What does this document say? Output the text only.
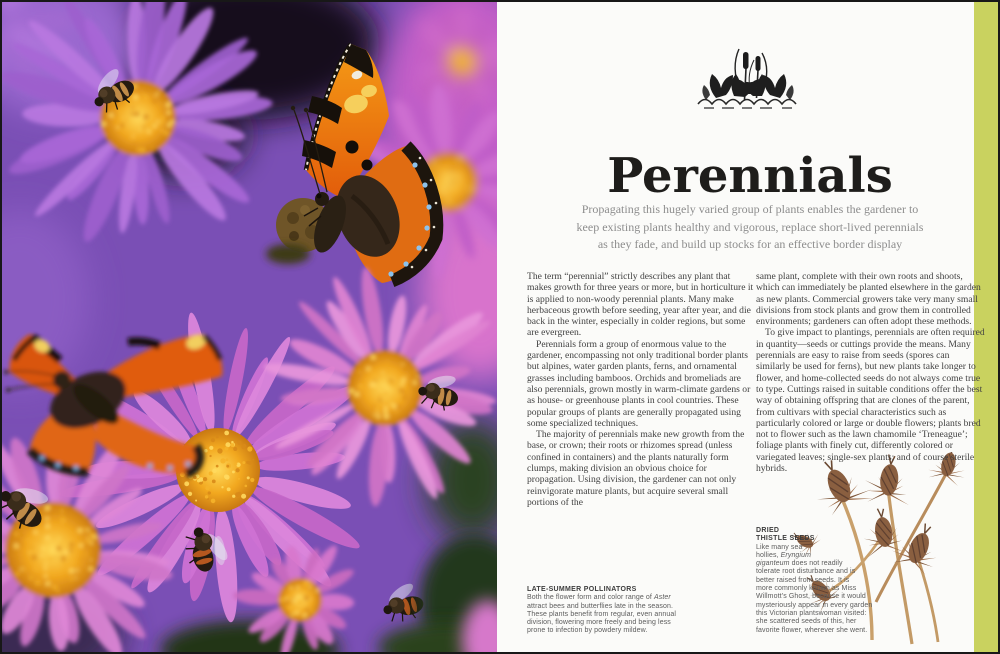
Perennials
Propagating this hugely varied group of plants enables the gardener to
keep existing plants healthy and vigorous, replace short-lived perennials
as they fade, and build up stocks for an effective border display

The term “perennial” strictly describes any plant that makes growth for three years or more, but in horticulture it is applied to non-woody perennial plants. Many make herbaceous growth before seeding, year after year, and die back in the winter, especially in colder regions, but some are evergreen.

Perennials form a group of enormous value to the gardener, encompassing not only traditional border plants but alpines, water garden plants, ferns, and ornamental grasses including bamboos. Orchids and bromeliads are also perennials, grown mostly in warm-climate gardens or as house- or greenhouse plants in cool countries. These popular groups of plants are generally propagated using some specialized techniques.

The majority of perennials make new growth from the base, or crown; their roots or rhizomes spread (unless confined in containers) and the plants naturally form clumps, making division an obvious choice for propagation. Using division, the gardener can not only reinvigorate mature plants, but acquire several small portions of the

same plant, complete with their own roots and shoots, which can immediately be planted elsewhere in the garden as new plants. Commercial growers take very many small divisions from stock plants and grow them in controlled environments; gardeners can often adopt these methods.

To give impact to plantings, perennials are often required in quantity—seeds or cuttings provide the means. Many perennials are easy to raise from seeds (spores can similarly be used for ferns), but new plants take longer to flower, and home-collected seeds do not always come true to type. Cuttings raised in suitable conditions offer the best way of obtaining offspring that are clones of the parent, from cultivars with special characteristics such as particularly colored or large or double flowers; plants bred not to flower such as the lawn chamomile ‘Treneague’; foliage plants with finely cut, differently colored or variegated leaves; single-sex plants; and of course sterile hybrids.

LATE-SUMMER POLLINATORS
Both the flower form and color range of Aster
attract bees and butterflies late in the season.
These plants benefit from regular, even annual
division, flowering more freely and being less
prone to infection by powdery mildew.
DRIED
THISTLE SEEDS
Like many sea
hollies, Eryngium
giganteum does not readily
tolerate root disturbance and is
better raised from seeds. It is
more commonly known as Miss
Willmott’s Ghost, because it would
mysteriously appear in every garden
this Victorian plantswoman visited:
she scattered seeds of this, her
favorite flower, wherever she went.
